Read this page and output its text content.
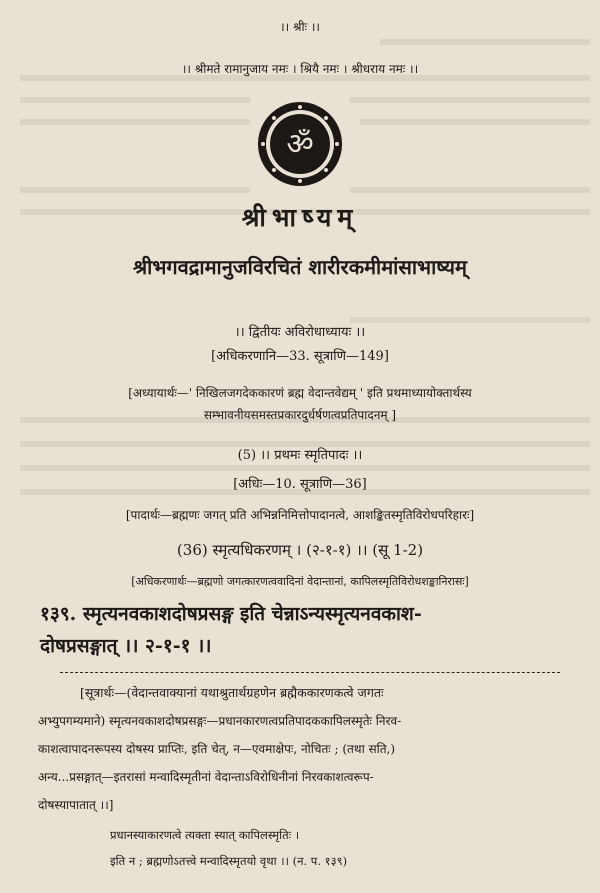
।। श्रीः ।।
।। श्रीमते रामानुजाय नमः । श्रियै नमः । श्रीधराय नमः ।।
ॐ
श्रीभाष्यम्
श्रीभगवद्रामानुजविरचितं शारीरकमीमांसाभाष्यम्
।। द्वितीयः अविरोधाध्यायः ।।
[अधिकरणानि—33. सूत्राणि—149]
[अध्यायार्थः—' निखिलजगदेककारणं ब्रह्म वेदान्तवेद्यम् ' इति प्रथमाध्यायोक्तार्थस्य
सम्भावनीयसमस्तप्रकारदुर्धर्षणत्वप्रतिपादनम् ]
(5) ।। प्रथमः स्मृतिपादः ।।
[अधिः—10. सूत्राणि—36]
[पादार्थः—ब्रह्मणः जगत् प्रति अभिन्ननिमित्तोपादानत्वे, आशङ्कितस्मृतिविरोधपरिहारः]
(36) स्मृत्यधिकरणम् । (२-१-१) ।। (सू 1-2)
[अधिकरणार्थः—ब्रह्मणो जगत्कारणत्ववादिनां वेदान्तानां, कापिलस्मृतिविरोधशङ्कानिरासः]
१३९. स्मृत्यनवकाशदोषप्रसङ्ग इति चेन्नाऽन्यस्मृत्यनवकाश-
दोषप्रसङ्गात् ।। २-१-१ ।।
[सूत्रार्थः—(वेदान्तवाक्यानां यथाश्रुतार्थग्रहणेन ब्रह्मैककारणकत्वे जगतः
अभ्युपगम्यमाने) स्मृत्यनवकाशदोषप्रसङ्गः—प्रधानकारणत्वप्रतिपादककापिलस्मृतेः निरव-
काशत्वापादनरूपस्य दोषस्य प्राप्तिः, इति चेत्, न—एवमाक्षेपः, नोचितः ; (तथा सति,)
अन्य...प्रसङ्गात्—इतरासां मन्वादिस्मृतीनां वेदान्ताऽविरोधिनीनां निरवकाशत्वरूप-
दोषस्यापातात् ।।]
प्रधानस्याकारणत्वे त्यक्ता स्यात् कापिलस्मृतिः ।
इति न ; ब्रह्मणोऽतत्त्वे मन्वादिस्मृतयो वृथा ।। (न. प. १३९)
